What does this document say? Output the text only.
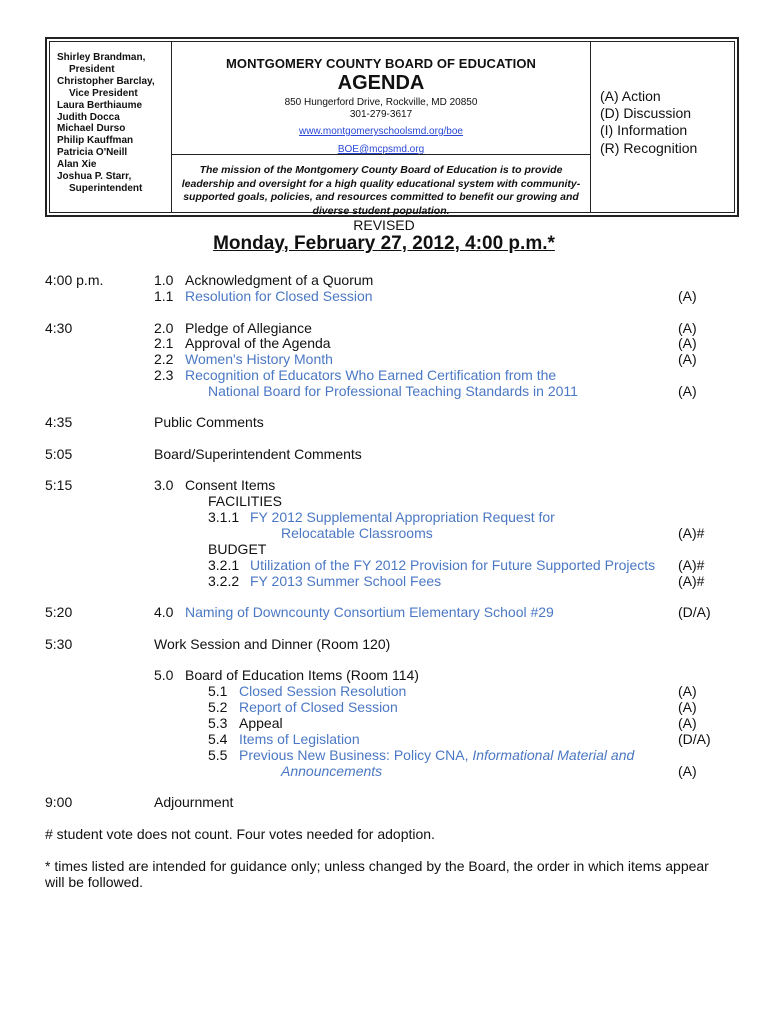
Shirley Brandman,
President
Christopher Barclay,
Vice President
Laura Berthiaume
Judith Docca
Michael Durso
Philip Kauffman
Patricia O'Neill
Alan Xie
Joshua P. Starr,
Superintendent
MONTGOMERY COUNTY BOARD OF EDUCATION
AGENDA
850 Hungerford Drive, Rockville, MD 20850
301-279-3617
www.montgomeryschoolsmd.org/boe
BOE@mcpsmd.org
The mission of the Montgomery County Board of Education is to provide leadership and oversight for a high quality educational system with community-supported goals, policies, and resources committed to benefit our growing and diverse student population.
(A) Action
(D) Discussion
(I) Information
(R) Recognition
REVISED
Monday, February 27, 2012, 4:00 p.m.*
4:00 p.m.	1.0 Acknowledgment of a Quorum
1.1 Resolution for Closed Session	(A)
4:30	2.0 Pledge of Allegiance	(A)
2.1 Approval of the Agenda	(A)
2.2 Women's History Month	(A)
2.3 Recognition of Educators Who Earned Certification from the
National Board for Professional Teaching Standards in 2011	(A)
4:35	Public Comments
5:05	Board/Superintendent Comments
5:15	3.0 Consent Items
FACILITIES
3.1.1 FY 2012 Supplemental Appropriation Request for
Relocatable Classrooms	(A)#
BUDGET
3.2.1 Utilization of the FY 2012 Provision for Future Supported Projects (A)#
3.2.2 FY 2013 Summer School Fees	(A)#
5:20	4.0 Naming of Downcounty Consortium Elementary School #29	(D/A)
5:30	Work Session and Dinner (Room 120)
5.0 Board of Education Items (Room 114)
5.1 Closed Session Resolution	(A)
5.2 Report of Closed Session	(A)
5.3 Appeal	(A)
5.4 Items of Legislation	(D/A)
5.5 Previous New Business: Policy CNA, Informational Material and
Announcements	(A)
9:00	Adjournment
# student vote does not count. Four votes needed for adoption.
* times listed are intended for guidance only; unless changed by the Board, the order in which items appear
will be followed.
